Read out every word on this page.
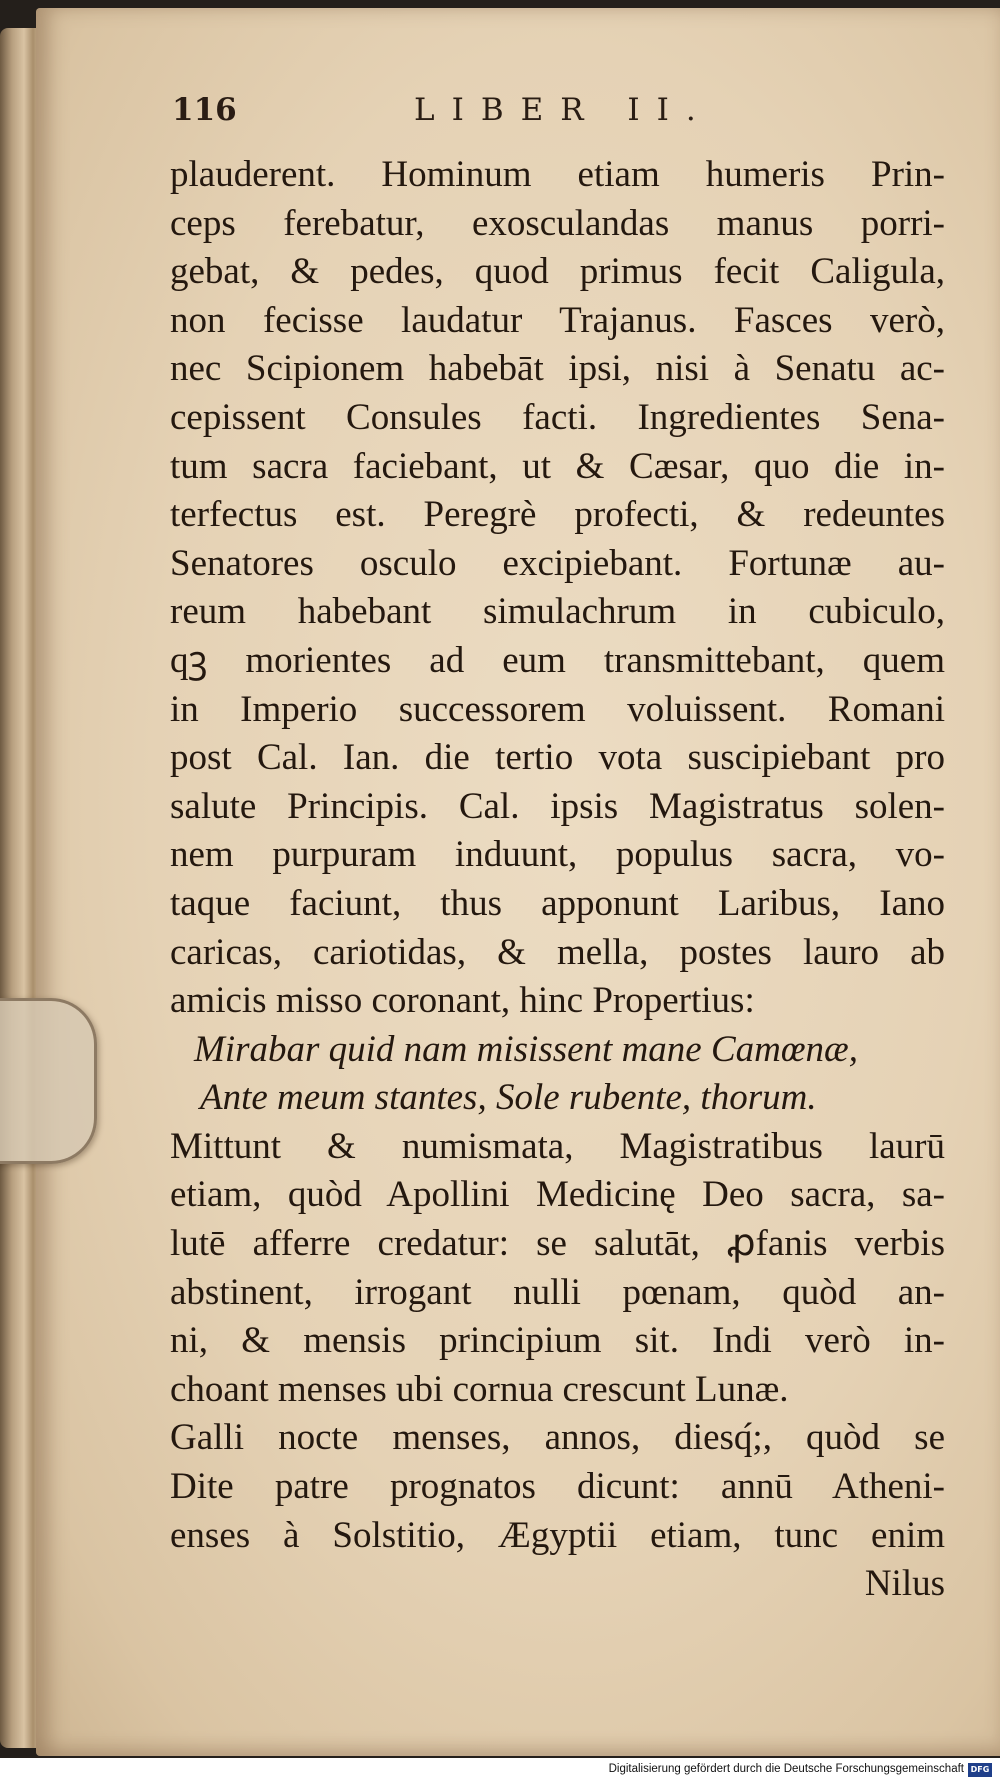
116	LIBER II.
plauderent. Hominum etiam humeris Prin-
ceps ferebatur, exosculandas manus porri-
gebat, & pedes, quod primus fecit Caligula,
non fecisse laudatur Trajanus. Fasces verò,
nec Scipionem habebāt ipsi, nisi à Senatu ac-
cepissent Consules facti. Ingredientes Sena-
tum sacra faciebant, ut & Cæsar, quo die in-
terfectus est. Peregrè profecti, & redeuntes
Senatores osculo excipiebant. Fortunæ au-
reum habebant simulachrum in cubiculo,
qꝫ morientes ad eum transmittebant, quem
in Imperio successorem voluissent. Romani
post Cal. Ian. die tertio vota suscipiebant pro
salute Principis. Cal. ipsis Magistratus solen-
nem purpuram induunt, populus sacra, vo-
taque faciunt, thus apponunt Laribus, Iano
caricas, cariotidas, & mella, postes lauro ab
amicis misso coronant, hinc Propertius:
Mirabar quid nam misissent mane Camœnæ,
Ante meum stantes, Sole rubente, thorum.
Mittunt & numismata, Magistratibus laurū
etiam, quòd Apollini Medicinę Deo sacra, sa-
lutē afferre credatur: se salutāt, ꝓfanis verbis
abstinent, irrogant nulli pœnam, quòd an-
ni, & mensis principium sit. Indi verò in-
choant menses ubi cornua crescunt Lunæ.
Galli nocte menses, annos, diesq́;, quòd se
Dite patre prognatos dicunt: annū Atheni-
enses à Solstitio, Ægyptii etiam, tunc enim
Nilus
Digitalisierung gefördert durch die Deutsche Forschungsgemeinschaft DFG
